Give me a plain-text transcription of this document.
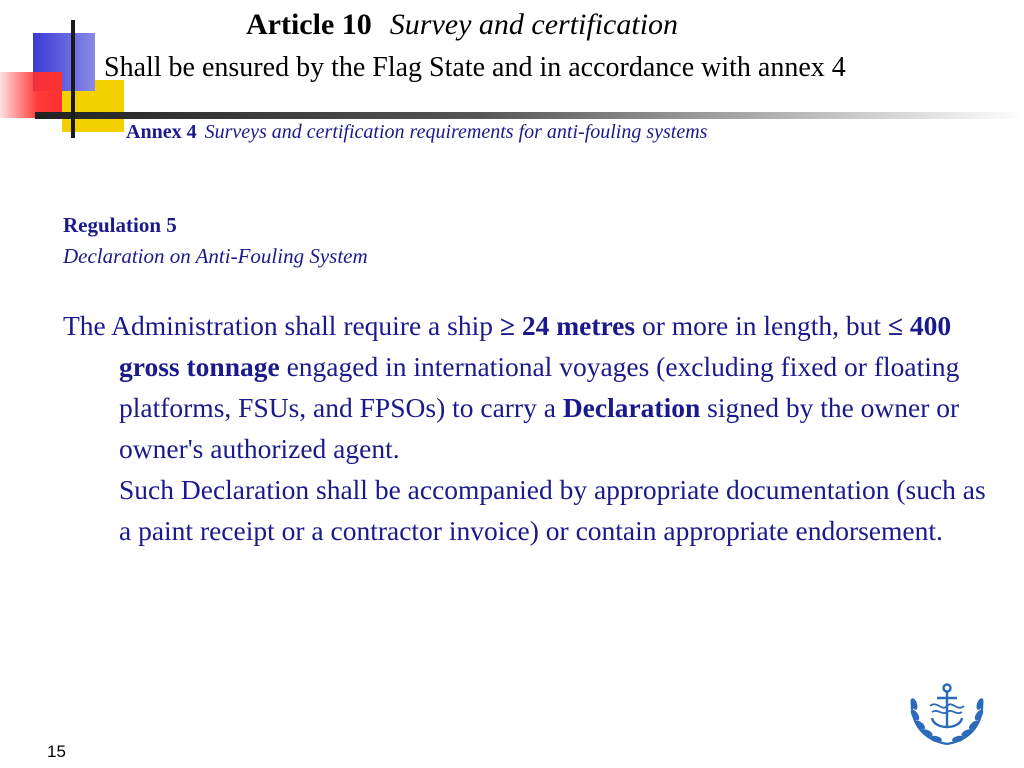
Article 10 Survey and certification
Shall be ensured by the Flag State and in accordance with annex 4
Annex 4 Surveys and certification requirements for anti-fouling systems
Regulation 5
Declaration on Anti-Fouling System

The Administration shall require a ship ≥ 24 metres or more in length, but ≤ 400 gross tonnage engaged in international voyages (excluding fixed or floating platforms, FSUs, and FPSOs) to carry a Declaration signed by the owner or owner's authorized agent.

Such Declaration shall be accompanied by appropriate documentation (such as a paint receipt or a contractor invoice) or contain appropriate endorsement.

15
